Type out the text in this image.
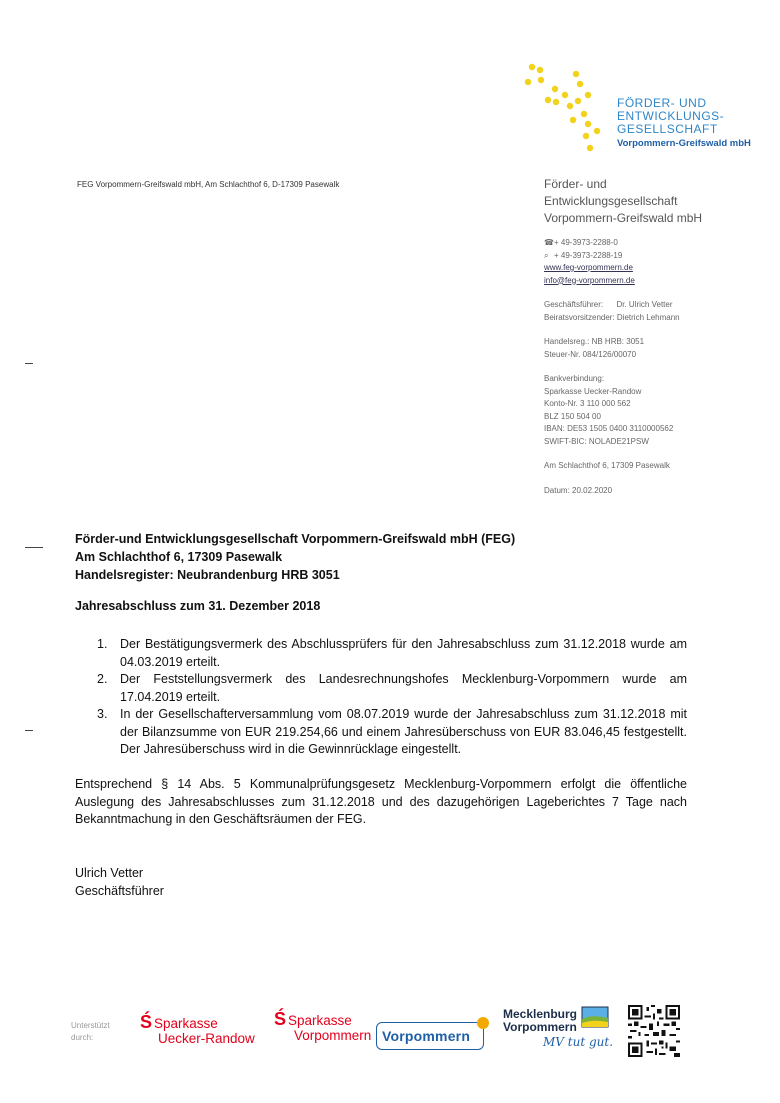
FÖRDER- UND
ENTWICKLUNGS-
GESELLSCHAFT
Vorpommern-Greifswald mbH
FEG Vorpommern-Greifswald mbH, Am Schlachthof 6, D-17309 Pasewalk	Förder- und
Entwicklungsgesellschaft
Vorpommern-Greifswald mbH
☎+ 49-3973-2288-0
⌕ + 49-3973-2288-19
www.feg-vorpommern.de
info@feg-vorpommern.de
Geschäftsführer: Dr. Ulrich Vetter
Beiratsvorsitzender: Dietrich Lehmann
Handelsreg.: NB HRB: 3051
Steuer-Nr. 084/126/00070
Bankverbindung:
Sparkasse Uecker-Randow
Konto-Nr. 3 110 000 562
BLZ 150 504 00
IBAN: DE53 1505 0400 3110000562
SWIFT-BIC: NOLADE21PSW
Am Schlachthof 6, 17309 Pasewalk
Datum: 20.02.2020
Förder-und Entwicklungsgesellschaft Vorpommern-Greifswald mbH (FEG)
Am Schlachthof 6, 17309 Pasewalk
Handelsregister: Neubrandenburg HRB 3051
Jahresabschluss zum 31. Dezember 2018
1.	Der Bestätigungsvermerk des Abschlussprüfers für den Jahresabschluss zum 31.12.2018 wurde am 04.03.2019 erteilt.
2.	Der Feststellungsvermerk des Landesrechnungshofes Mecklenburg-Vorpommern wurde am 17.04.2019 erteilt.
3.	In der Gesellschafterversammlung vom 08.07.2019 wurde der Jahresabschluss zum 31.12.2018 mit der Bilanzsumme von EUR 219.254,66 und einem Jahresüberschuss von EUR 83.046,45 festgestellt. Der Jahresüberschuss wird in die Gewinnrücklage eingestellt.
Entsprechend § 14 Abs. 5 Kommunalprüfungsgesetz Mecklenburg-Vorpommern erfolgt die öffentliche Auslegung des Jahresabschlusses zum 31.12.2018 und des dazugehörigen Lageberichtes 7 Tage nach Bekanntmachung in den Geschäftsräumen der FEG.
Ulrich Vetter
Geschäftsführer
Unterstützt
durch:
Ś Sparkasse
Uecker-Randow
Ś Sparkasse
Vorpommern Vorpommern
Mecklenburg
Vorpommern
MV tut gut.
